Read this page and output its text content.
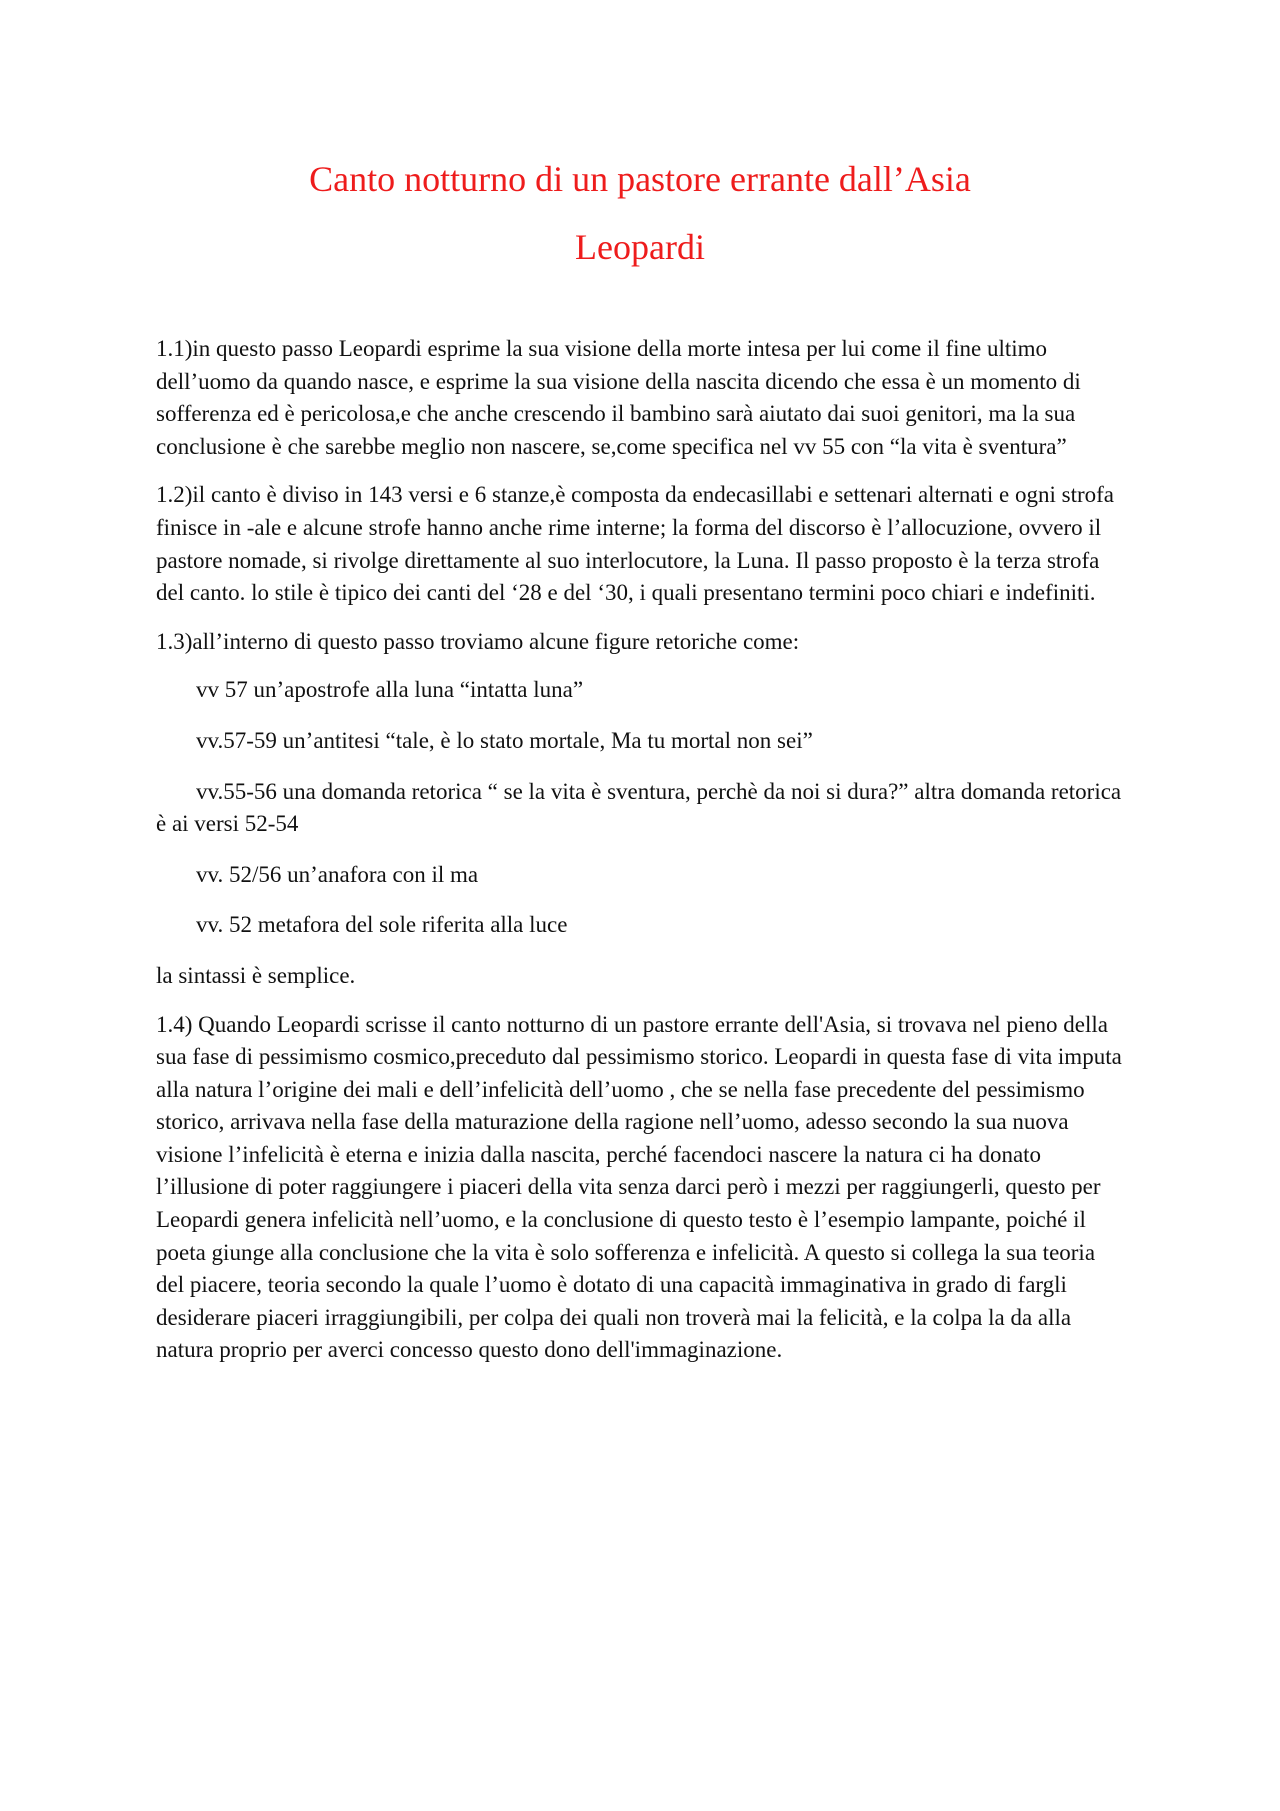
Canto notturno di un pastore errante dall’Asia
Leopardi

1.1)in questo passo Leopardi esprime la sua visione della morte intesa per lui come il fine ultimo dell’uomo da quando nasce, e esprime la sua visione della nascita dicendo che essa è un momento di sofferenza ed è pericolosa,e che anche crescendo il bambino sarà aiutato dai suoi genitori, ma la sua conclusione è che sarebbe meglio non nascere, se,come specifica nel vv 55 con “la vita è sventura”

1.2)il canto è diviso in 143 versi e 6 stanze,è composta da endecasillabi e settenari alternati e ogni strofa finisce in -ale e alcune strofe hanno anche rime interne; la forma del discorso è l’allocuzione, ovvero il pastore nomade, si rivolge direttamente al suo interlocutore, la Luna. Il passo proposto è la terza strofa del canto. lo stile è tipico dei canti del ‘28 e del ‘30, i quali presentano termini poco chiari e indefiniti.

1.3)all’interno di questo passo troviamo alcune figure retoriche come:

vv 57 un’apostrofe alla luna “intatta luna”

vv.57-59 un’antitesi “tale, è lo stato mortale, Ma tu mortal non sei”

vv.55-56 una domanda retorica “ se la vita è sventura, perchè da noi si dura?” altra domanda retorica è ai versi 52-54

vv. 52/56 un’anafora con il ma

vv. 52 metafora del sole riferita alla luce

la sintassi è semplice.

1.4) Quando Leopardi scrisse il canto notturno di un pastore errante dell'Asia, si trovava nel pieno della sua fase di pessimismo cosmico,preceduto dal pessimismo storico. Leopardi in questa fase di vita imputa alla natura l’origine dei mali e dell’infelicità dell’uomo , che se nella fase precedente del pessimismo storico, arrivava nella fase della maturazione della ragione nell’uomo, adesso secondo la sua nuova visione l’infelicità è eterna e inizia dalla nascita, perché facendoci nascere la natura ci ha donato l’illusione di poter raggiungere i piaceri della vita senza darci però i mezzi per raggiungerli, questo per Leopardi genera infelicità nell’uomo, e la conclusione di questo testo è l’esempio lampante, poiché il poeta giunge alla conclusione che la vita è solo sofferenza e infelicità. A questo si collega la sua teoria del piacere, teoria secondo la quale l’uomo è dotato di una capacità immaginativa in grado di fargli desiderare piaceri irraggiungibili, per colpa dei quali non troverà mai la felicità, e la colpa la da alla natura proprio per averci concesso questo dono dell'immaginazione.
